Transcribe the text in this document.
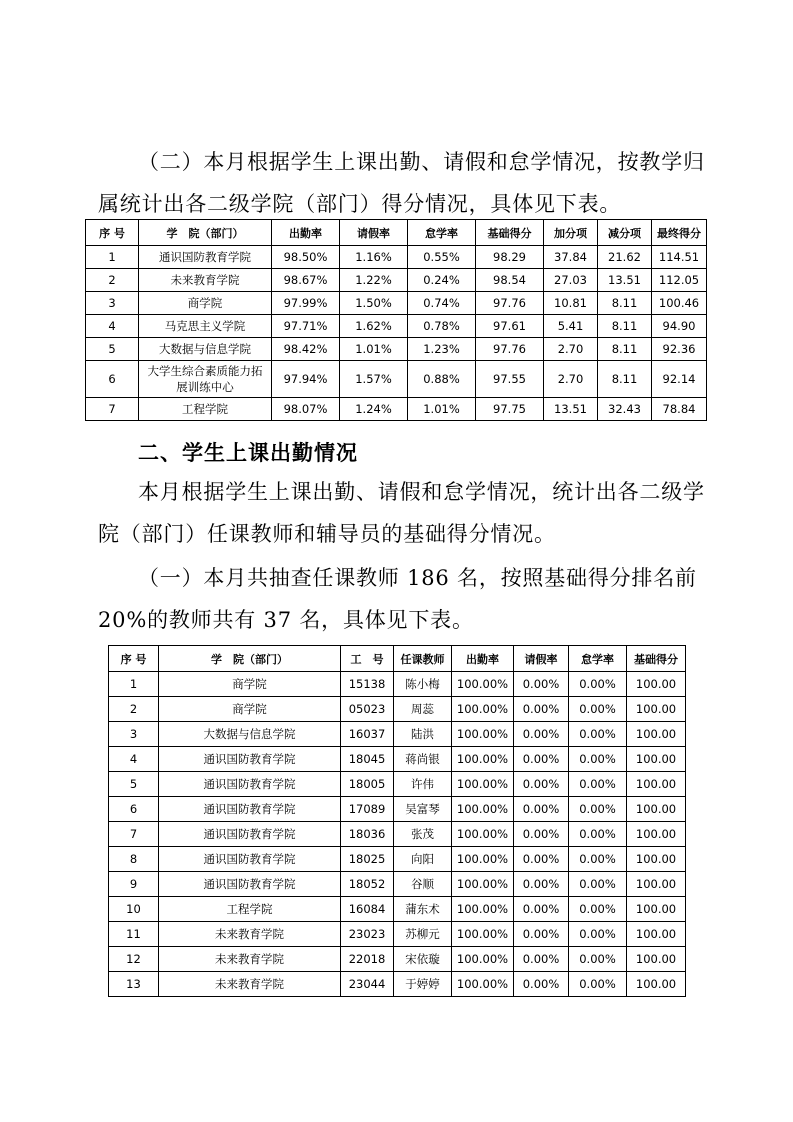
（二）本月根据学生上课出勤、请假和怠学情况，按教学归

属统计出各二级学院（部门）得分情况，具体见下表。

序 号	学　院（部门）	出勤率	请假率	怠学率	基础得分	加分项	减分项	最终得分
1	通识国防教育学院	98.50%	1.16%	0.55%	98.29	37.84	21.62	114.51
2	未来教育学院	98.67%	1.22%	0.24%	98.54	27.03	13.51	112.05
3	商学院	97.99%	1.50%	0.74%	97.76	10.81	8.11	100.46
4	马克思主义学院	97.71%	1.62%	0.78%	97.61	5.41	8.11	94.90
5	大数据与信息学院	98.42%	1.01%	1.23%	97.76	2.70	8.11	92.36
6	大学生综合素质能力拓展训练中心	97.94%	1.57%	0.88%	97.55	2.70	8.11	92.14
7	工程学院	98.07%	1.24%	1.01%	97.75	13.51	32.43	78.84
二、学生上课出勤情况

本月根据学生上课出勤、请假和怠学情况，统计出各二级学院（部门）任课教师和辅导员的基础得分情况。

（一）本月共抽查任课教师 186 名，按照基础得分排名前 20%的教师共有 37 名，具体见下表。

序 号	学　院（部门）	工　号	任课教师	出勤率	请假率	怠学率	基础得分
1	商学院	15138	陈小梅	100.00%	0.00%	0.00%	100.00
2	商学院	05023	周蕊	100.00%	0.00%	0.00%	100.00
3	大数据与信息学院	16037	陆洪	100.00%	0.00%	0.00%	100.00
4	通识国防教育学院	18045	蒋尚银	100.00%	0.00%	0.00%	100.00
5	通识国防教育学院	18005	许伟	100.00%	0.00%	0.00%	100.00
6	通识国防教育学院	17089	吴富琴	100.00%	0.00%	0.00%	100.00
7	通识国防教育学院	18036	张茂	100.00%	0.00%	0.00%	100.00
8	通识国防教育学院	18025	向阳	100.00%	0.00%	0.00%	100.00
9	通识国防教育学院	18052	谷顺	100.00%	0.00%	0.00%	100.00
10	工程学院	16084	蒲东术	100.00%	0.00%	0.00%	100.00
11	未来教育学院	23023	苏柳元	100.00%	0.00%	0.00%	100.00
12	未来教育学院	22018	宋依璇	100.00%	0.00%	0.00%	100.00
13	未来教育学院	23044	于婷婷	100.00%	0.00%	0.00%	100.00
